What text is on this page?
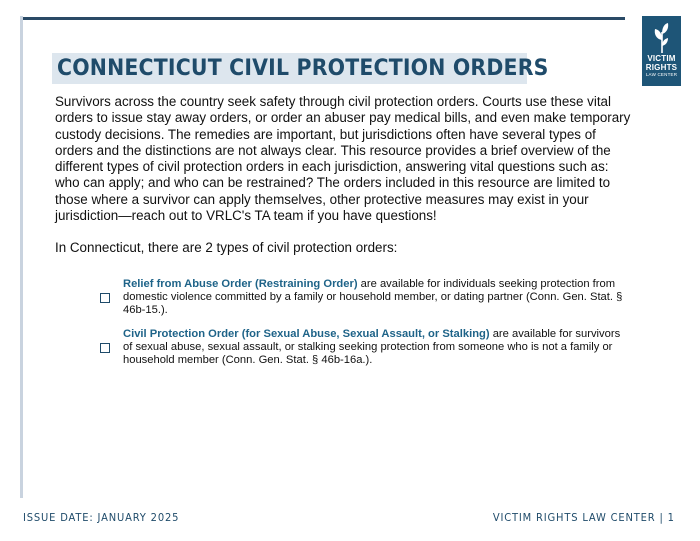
VICTIM
RIGHTS
LAW CENTER
CONNECTICUT CIVIL PROTECTION ORDERS

Survivors across the country seek safety through civil protection orders. Courts use these vital orders to issue stay away orders, or order an abuser pay medical bills, and even make temporary custody decisions. The remedies are important, but jurisdictions often have several types of orders and the distinctions are not always clear. This resource provides a brief overview of the different types of civil protection orders in each jurisdiction, answering vital questions such as: who can apply; and who can be restrained? The orders included in this resource are limited to those where a survivor can apply themselves, other protective measures may exist in your jurisdiction—reach out to VRLC's TA team if you have questions!

In Connecticut, there are 2 types of civil protection orders:

Relief from Abuse Order (Restraining Order) are available for individuals seeking protection from domestic violence committed by a family or household member, or dating partner (Conn. Gen. Stat. § 46b-15.).
Civil Protection Order (for Sexual Abuse, Sexual Assault, or Stalking) are available for survivors of sexual abuse, sexual assault, or stalking seeking protection from someone who is not a family or household member (Conn. Gen. Stat. § 46b-16a.).
ISSUE DATE: JANUARY 2025	VICTIM RIGHTS LAW CENTER | 1
